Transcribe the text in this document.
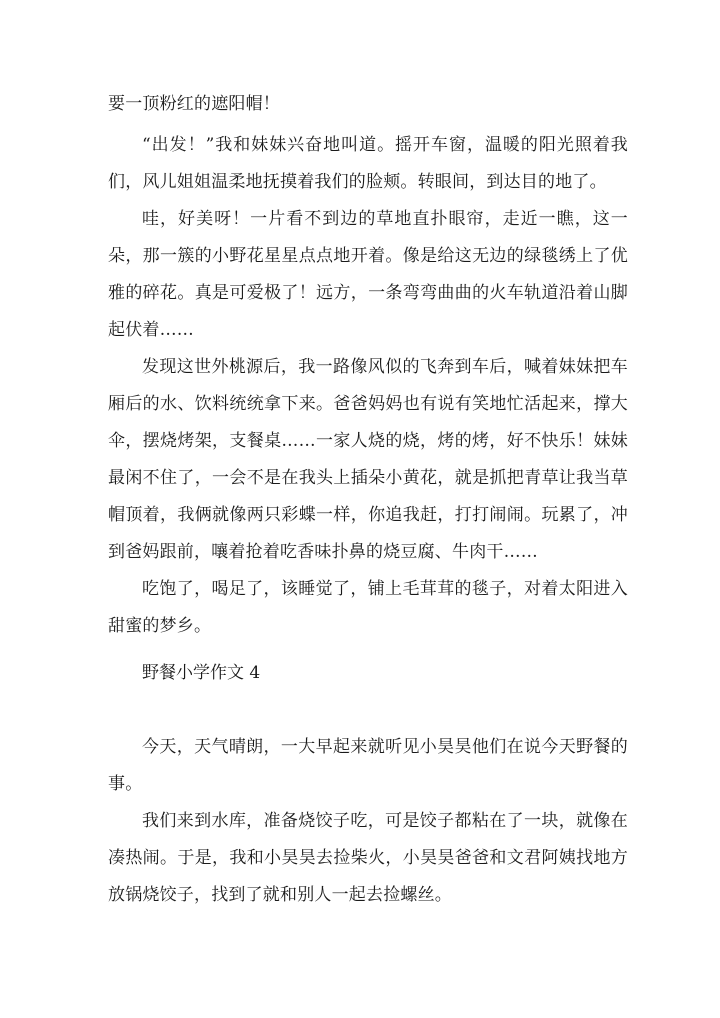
要一顶粉红的遮阳帽！

“出发！”我和妹妹兴奋地叫道。摇开车窗，温暖的阳光照着我们，风儿姐姐温柔地抚摸着我们的脸颊。转眼间，到达目的地了。

哇，好美呀！一片看不到边的草地直扑眼帘，走近一瞧，这一朵，那一簇的小野花星星点点地开着。像是给这无边的绿毯绣上了优雅的碎花。真是可爱极了！远方，一条弯弯曲曲的火车轨道沿着山脚起伏着……

发现这世外桃源后，我一路像风似的飞奔到车后，喊着妹妹把车厢后的水、饮料统统拿下来。爸爸妈妈也有说有笑地忙活起来，撑大伞，摆烧烤架，支餐桌……一家人烧的烧，烤的烤，好不快乐！妹妹最闲不住了，一会不是在我头上插朵小黄花，就是抓把青草让我当草帽顶着，我俩就像两只彩蝶一样，你追我赶，打打闹闹。玩累了，冲到爸妈跟前，嚷着抢着吃香味扑鼻的烧豆腐、牛肉干……

吃饱了，喝足了，该睡觉了，铺上毛茸茸的毯子，对着太阳进入甜蜜的梦乡。

野餐小学作文 4

今天，天气晴朗，一大早起来就听见小昊昊他们在说今天野餐的事。

我们来到水库，准备烧饺子吃，可是饺子都粘在了一块，就像在凑热闹。于是，我和小昊昊去捡柴火，小昊昊爸爸和文君阿姨找地方放锅烧饺子，找到了就和别人一起去捡螺丝。
